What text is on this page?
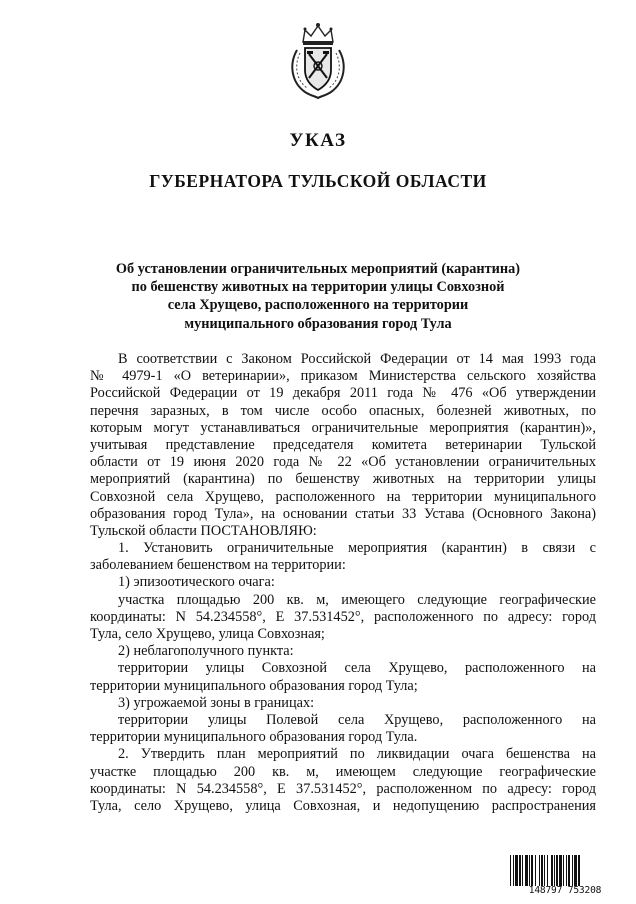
УКАЗ
ГУБЕРНАТОРА ТУЛЬСКОЙ ОБЛАСТИ
Об установлении ограничительных мероприятий (карантина)
по бешенству животных на территории улицы Совхозной
села Хрущево, расположенного на территории
муниципального образования город Тула
В соответствии с Законом Российской Федерации от 14 мая 1993 года
№ 4979-1 «О ветеринарии», приказом Министерства сельского хозяйства
Российской Федерации от 19 декабря 2011 года № 476 «Об утверждении
перечня заразных, в том числе особо опасных, болезней животных, по
которым могут устанавливаться ограничительные мероприятия (карантин)»,
учитывая представление председателя комитета ветеринарии Тульской
области от 19 июня 2020 года № 22 «Об установлении ограничительных
мероприятий (карантина) по бешенству животных на территории улицы
Совхозной села Хрущево, расположенного на территории муниципального
образования город Тула», на основании статьи 33 Устава (Основного Закона)
Тульской области ПОСТАНОВЛЯЮ:
1. Установить ограничительные мероприятия (карантин) в связи с
заболеванием бешенством на территории:
1) эпизоотического очага:
участка площадью 200 кв. м, имеющего следующие географические
координаты: N 54.234558°, E 37.531452°, расположенного по адресу: город
Тула, село Хрущево, улица Совхозная;
2) неблагополучного пункта:
территории улицы Совхозной села Хрущево, расположенного на
территории муниципального образования город Тула;
3) угрожаемой зоны в границах:
территории улицы Полевой села Хрущево, расположенного на
территории муниципального образования город Тула.
2. Утвердить план мероприятий по ликвидации очага бешенства на
участке площадью 200 кв. м, имеющем следующие географические
координаты: N 54.234558°, E 37.531452°, расположенном по адресу: город
Тула, село Хрущево, улица Совхозная, и недопущению распространения
148797 753208
